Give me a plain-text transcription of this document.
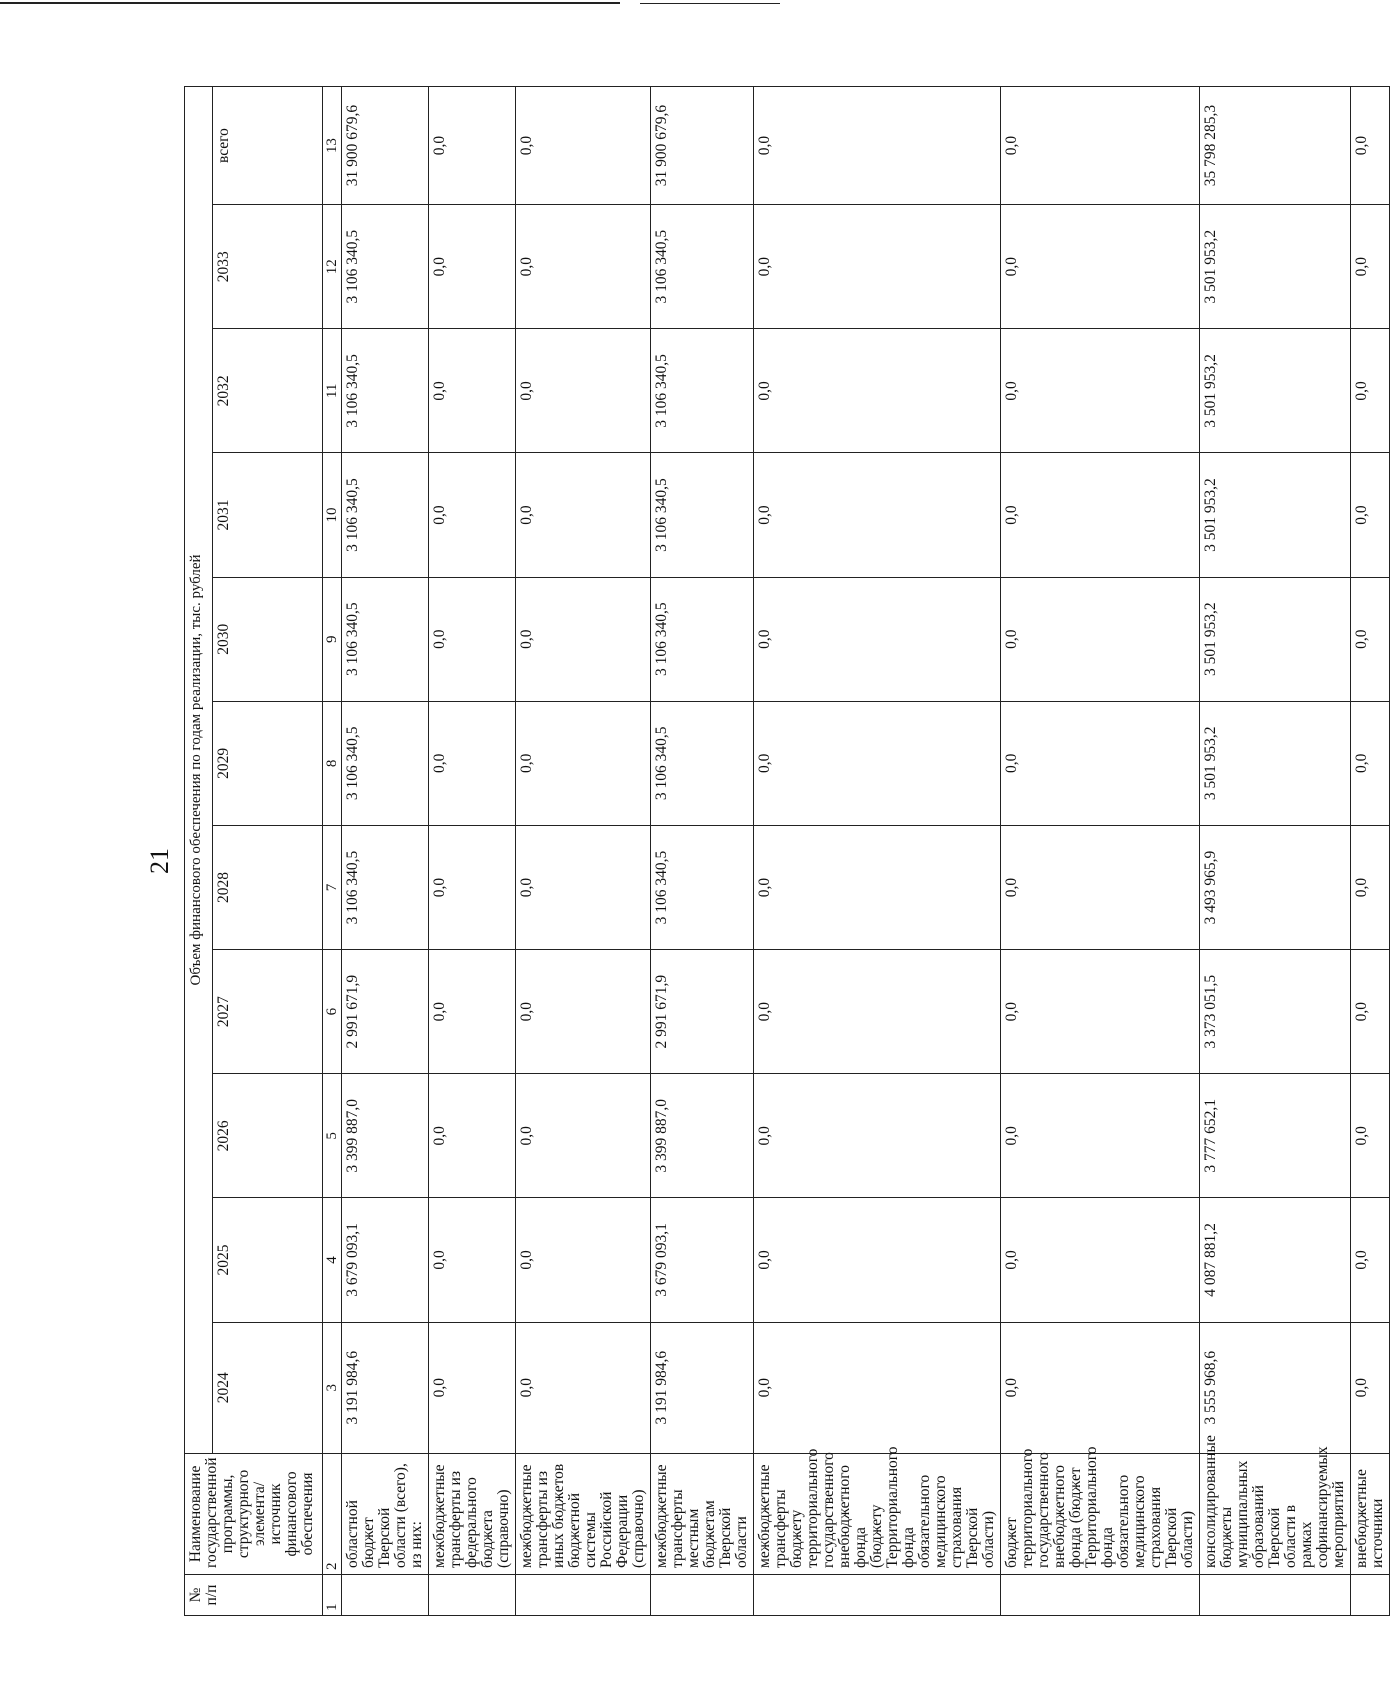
21
№ п/п	Наименование государственной программы, структурного элемента/источник финансового обеспечения	Объем финансового обеспечения по годам реализации, тыс. рублей										
		2024	2025	2026	2027	2028	2029	2030	2031	2032	2033	всего
1	2	3	4	5	6	7	8	9	10	11	12	13
	областной бюджет Тверской области (всего), из них:	3 191 984,6	3 679 093,1	3 399 887,0	2 991 671,9	3 106 340,5	3 106 340,5	3 106 340,5	3 106 340,5	3 106 340,5	3 106 340,5	31 900 679,6
	межбюджетные трансферты из федерального бюджета (справочно)	0,0	0,0	0,0	0,0	0,0	0,0	0,0	0,0	0,0	0,0	0,0
	межбюджетные трансферты из иных бюджетов бюджетной системы Российской Федерации (справочно)	0,0	0,0	0,0	0,0	0,0	0,0	0,0	0,0	0,0	0,0	0,0
	межбюджетные трансферты местным бюджетам Тверской области	3 191 984,6	3 679 093,1	3 399 887,0	2 991 671,9	3 106 340,5	3 106 340,5	3 106 340,5	3 106 340,5	3 106 340,5	3 106 340,5	31 900 679,6
	межбюджетные трансферты бюджету территориального государственного внебюджетного фонда (бюджету Территориального фонда обязательного медицинского страхования Тверской области)	0,0	0,0	0,0	0,0	0,0	0,0	0,0	0,0	0,0	0,0	0,0
	бюджет территориального государственного внебюджетного фонда (бюджет Территориального фонда обязательного медицинского страхования Тверской области)	0,0	0,0	0,0	0,0	0,0	0,0	0,0	0,0	0,0	0,0	0,0
	консолидированные бюджеты муниципальных образований Тверской области в рамках софинансируемых мероприятий	3 555 968,6	4 087 881,2	3 777 652,1	3 373 051,5	3 493 965,9	3 501 953,2	3 501 953,2	3 501 953,2	3 501 953,2	3 501 953,2	35 798 285,3
	внебюджетные источники	0,0	0,0	0,0	0,0	0,0	0,0	0,0	0,0	0,0	0,0	0,0
